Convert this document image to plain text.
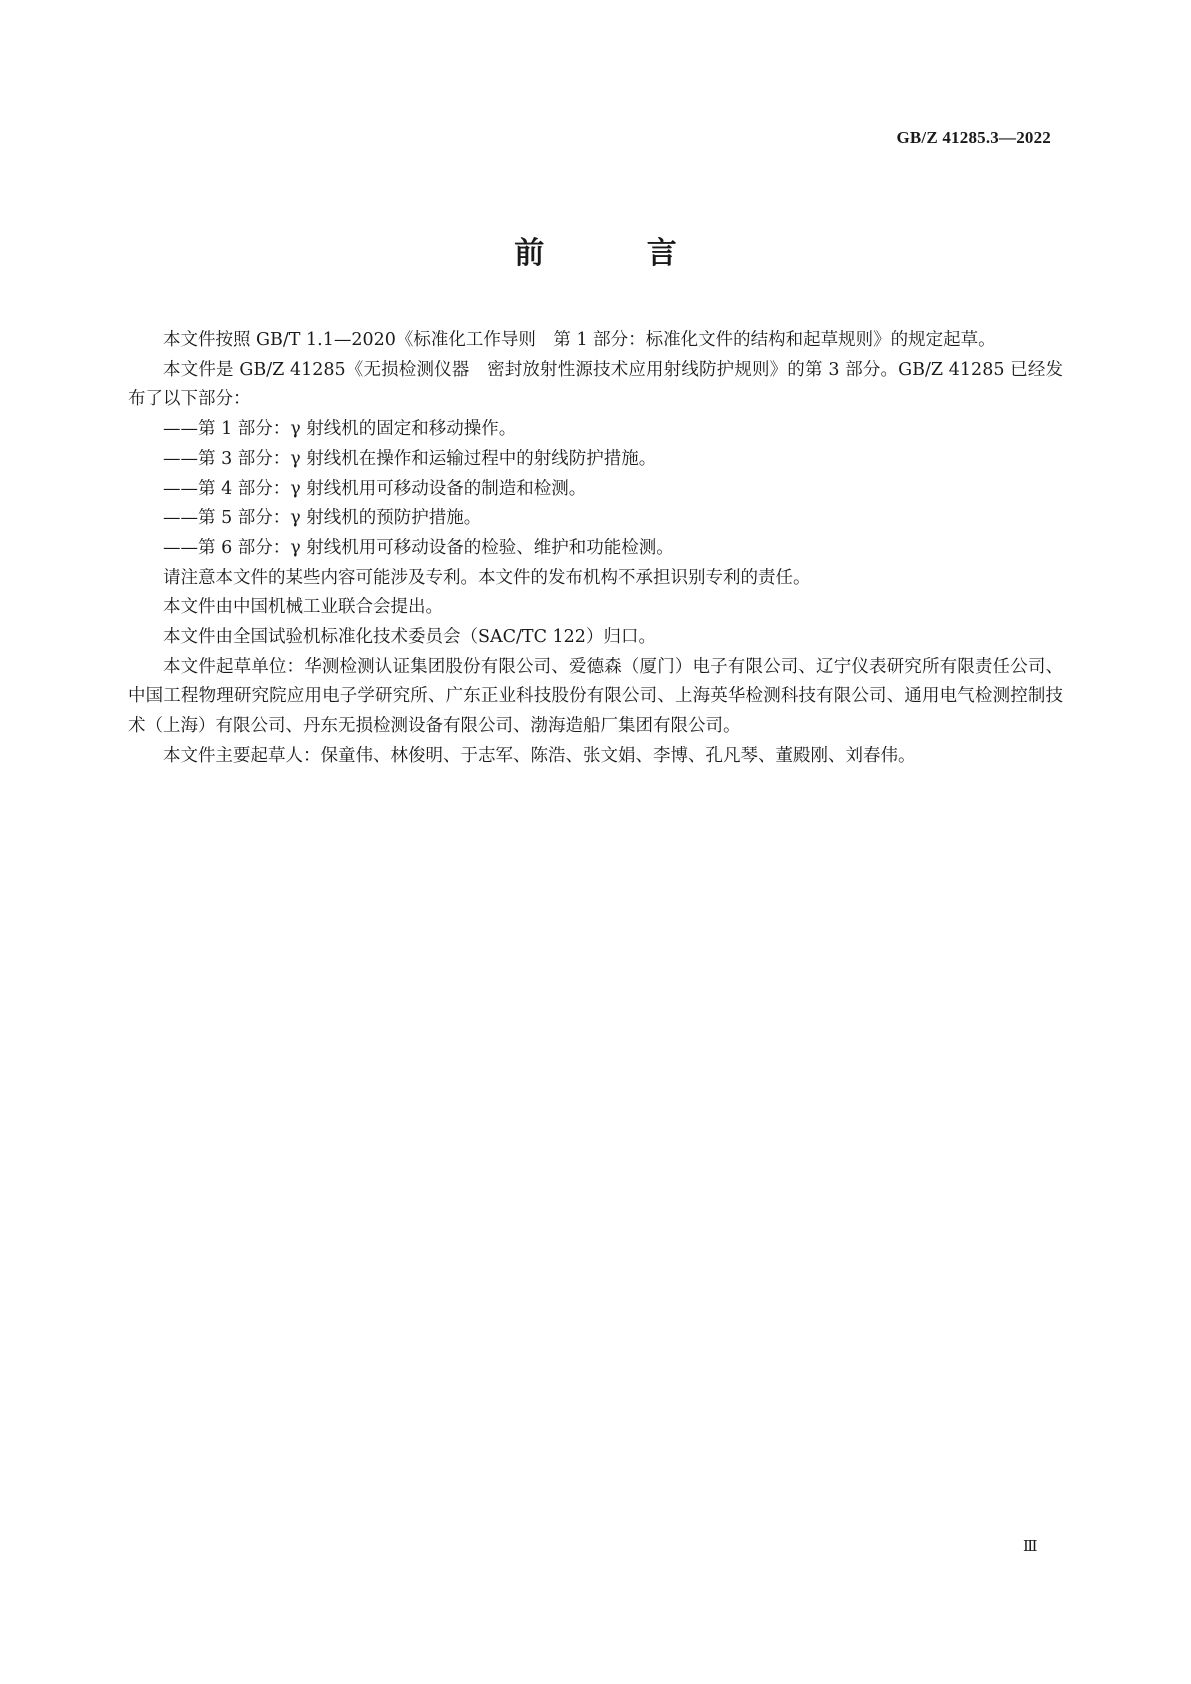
GB/Z 41285.3—2022
前 言

本文件按照 GB/T 1.1—2020《标准化工作导则　第 1 部分：标准化文件的结构和起草规则》的规定起草。

本文件是 GB/Z 41285《无损检测仪器　密封放射性源技术应用射线防护规则》的第 3 部分。GB/Z 41285 已经发布了以下部分：

——第 1 部分：γ 射线机的固定和移动操作。

——第 3 部分：γ 射线机在操作和运输过程中的射线防护措施。

——第 4 部分：γ 射线机用可移动设备的制造和检测。

——第 5 部分：γ 射线机的预防护措施。

——第 6 部分：γ 射线机用可移动设备的检验、维护和功能检测。

请注意本文件的某些内容可能涉及专利。本文件的发布机构不承担识别专利的责任。

本文件由中国机械工业联合会提出。

本文件由全国试验机标准化技术委员会（SAC/TC 122）归口。

本文件起草单位：华测检测认证集团股份有限公司、爱德森（厦门）电子有限公司、辽宁仪表研究所有限责任公司、中国工程物理研究院应用电子学研究所、广东正业科技股份有限公司、上海英华检测科技有限公司、通用电气检测控制技术（上海）有限公司、丹东无损检测设备有限公司、渤海造船厂集团有限公司。

本文件主要起草人：保童伟、林俊明、于志军、陈浩、张文娟、李博、孔凡琴、董殿刚、刘春伟。

Ⅲ
